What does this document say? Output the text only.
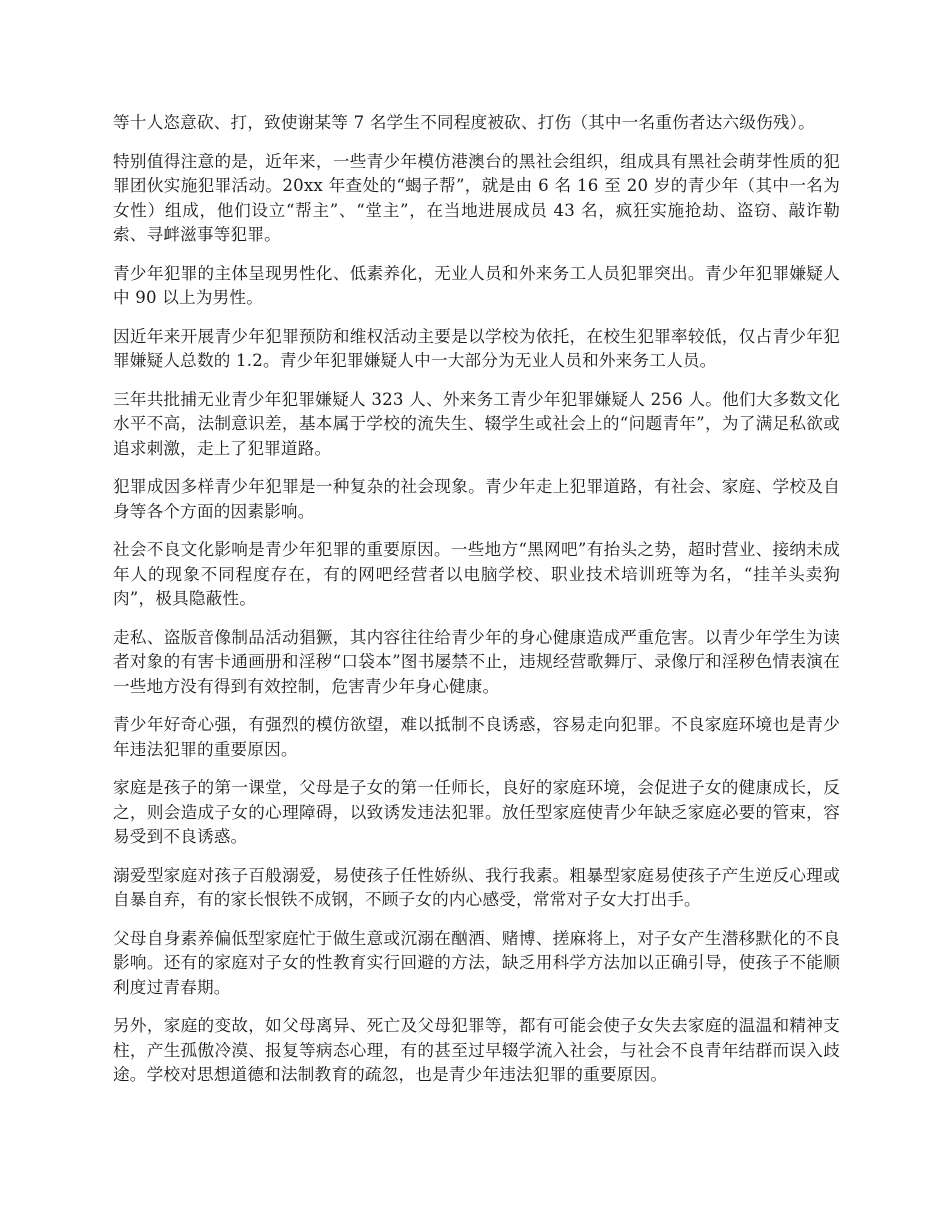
等十人恣意砍、打，致使谢某等 7 名学生不同程度被砍、打伤（其中一名重伤者达六级伤残）。

特别值得注意的是，近年来，一些青少年模仿港澳台的黑社会组织，组成具有黑社会萌芽性质的犯罪团伙实施犯罪活动。20xx 年查处的“蝎子帮”，就是由 6 名 16 至 20 岁的青少年（其中一名为女性）组成，他们设立“帮主”、“堂主”，在当地进展成员 43 名，疯狂实施抢劫、盗窃、敲诈勒索、寻衅滋事等犯罪。

青少年犯罪的主体呈现男性化、低素养化，无业人员和外来务工人员犯罪突出。青少年犯罪嫌疑人中 90 以上为男性。

因近年来开展青少年犯罪预防和维权活动主要是以学校为依托，在校生犯罪率较低，仅占青少年犯罪嫌疑人总数的 1.2。青少年犯罪嫌疑人中一大部分为无业人员和外来务工人员。

三年共批捕无业青少年犯罪嫌疑人 323 人、外来务工青少年犯罪嫌疑人 256 人。他们大多数文化水平不高，法制意识差，基本属于学校的流失生、辍学生或社会上的“问题青年”，为了满足私欲或追求刺激，走上了犯罪道路。

犯罪成因多样青少年犯罪是一种复杂的社会现象。青少年走上犯罪道路，有社会、家庭、学校及自身等各个方面的因素影响。

社会不良文化影响是青少年犯罪的重要原因。一些地方“黑网吧”有抬头之势，超时营业、接纳未成年人的现象不同程度存在，有的网吧经营者以电脑学校、职业技术培训班等为名，“挂羊头卖狗肉”，极具隐蔽性。

走私、盗版音像制品活动猖獗，其内容往往给青少年的身心健康造成严重危害。以青少年学生为读者对象的有害卡通画册和淫秽“口袋本”图书屡禁不止，违规经营歌舞厅、录像厅和淫秽色情表演在一些地方没有得到有效控制，危害青少年身心健康。

青少年好奇心强，有强烈的模仿欲望，难以抵制不良诱惑，容易走向犯罪。不良家庭环境也是青少年违法犯罪的重要原因。

家庭是孩子的第一课堂，父母是子女的第一任师长，良好的家庭环境，会促进子女的健康成长，反之，则会造成子女的心理障碍，以致诱发违法犯罪。放任型家庭使青少年缺乏家庭必要的管束，容易受到不良诱惑。

溺爱型家庭对孩子百般溺爱，易使孩子任性娇纵、我行我素。粗暴型家庭易使孩子产生逆反心理或自暴自弃，有的家长恨铁不成钢，不顾子女的内心感受，常常对子女大打出手。

父母自身素养偏低型家庭忙于做生意或沉溺在酗酒、赌博、搓麻将上，对子女产生潜移默化的不良影响。还有的家庭对子女的性教育实行回避的方法，缺乏用科学方法加以正确引导，使孩子不能顺利度过青春期。

另外，家庭的变故，如父母离异、死亡及父母犯罪等，都有可能会使子女失去家庭的温温和精神支柱，产生孤傲冷漠、报复等病态心理，有的甚至过早辍学流入社会，与社会不良青年结群而误入歧途。学校对思想道德和法制教育的疏忽，也是青少年违法犯罪的重要原因。
